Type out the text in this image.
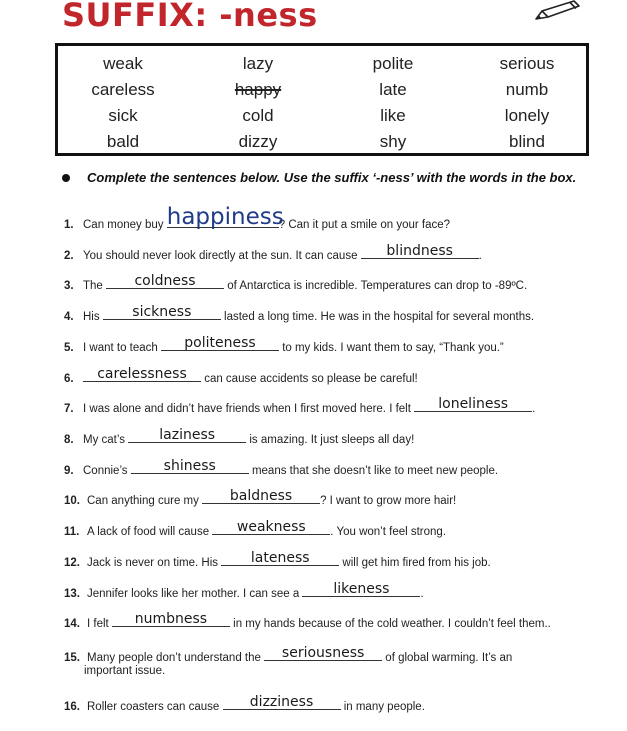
SUFFIX: -ness
weak	lazy	polite	serious
careless	happy	late	numb
sick	cold	like	lonely
bald	dizzy	shy	blind
Complete the sentences below. Use the suffix ‘-ness’ with the words in the box.
1. Can money buy happiness
? Can it put a smile on your face?
2. You should never look directly at the sun. It can cause	blindness	.
3. The	coldness	of Antarctica is incredible. Temperatures can drop to -89ºC.
4. His	sickness	lasted a long time. He was in the hospital for several months.
5. I want to teach	politeness	to my kids. I want them to say, “Thank you.”
6.	carelessness	can cause accidents so please be careful!
7. I was alone and didn’t have friends when I first moved here. I felt	loneliness	.
8. My cat’s	laziness	is amazing. It just sleeps all day!
9. Connie’s	shiness	means that she doesn’t like to meet new people.
10. Can anything cure my	baldness	? I want to grow more hair!
11. A lack of food will cause	weakness	. You won’t feel strong.
12. Jack is never on time. His	lateness	will get him fired from his job.
13. Jennifer looks like her mother. I can see a	likeness	.
14. I felt	numbness	in my hands because of the cold weather. I couldn’t feel them..
15. Many people don’t understand the	seriousness	of global warming. It’s an
important issue.
16. Roller coasters can cause	dizziness	in many people.
